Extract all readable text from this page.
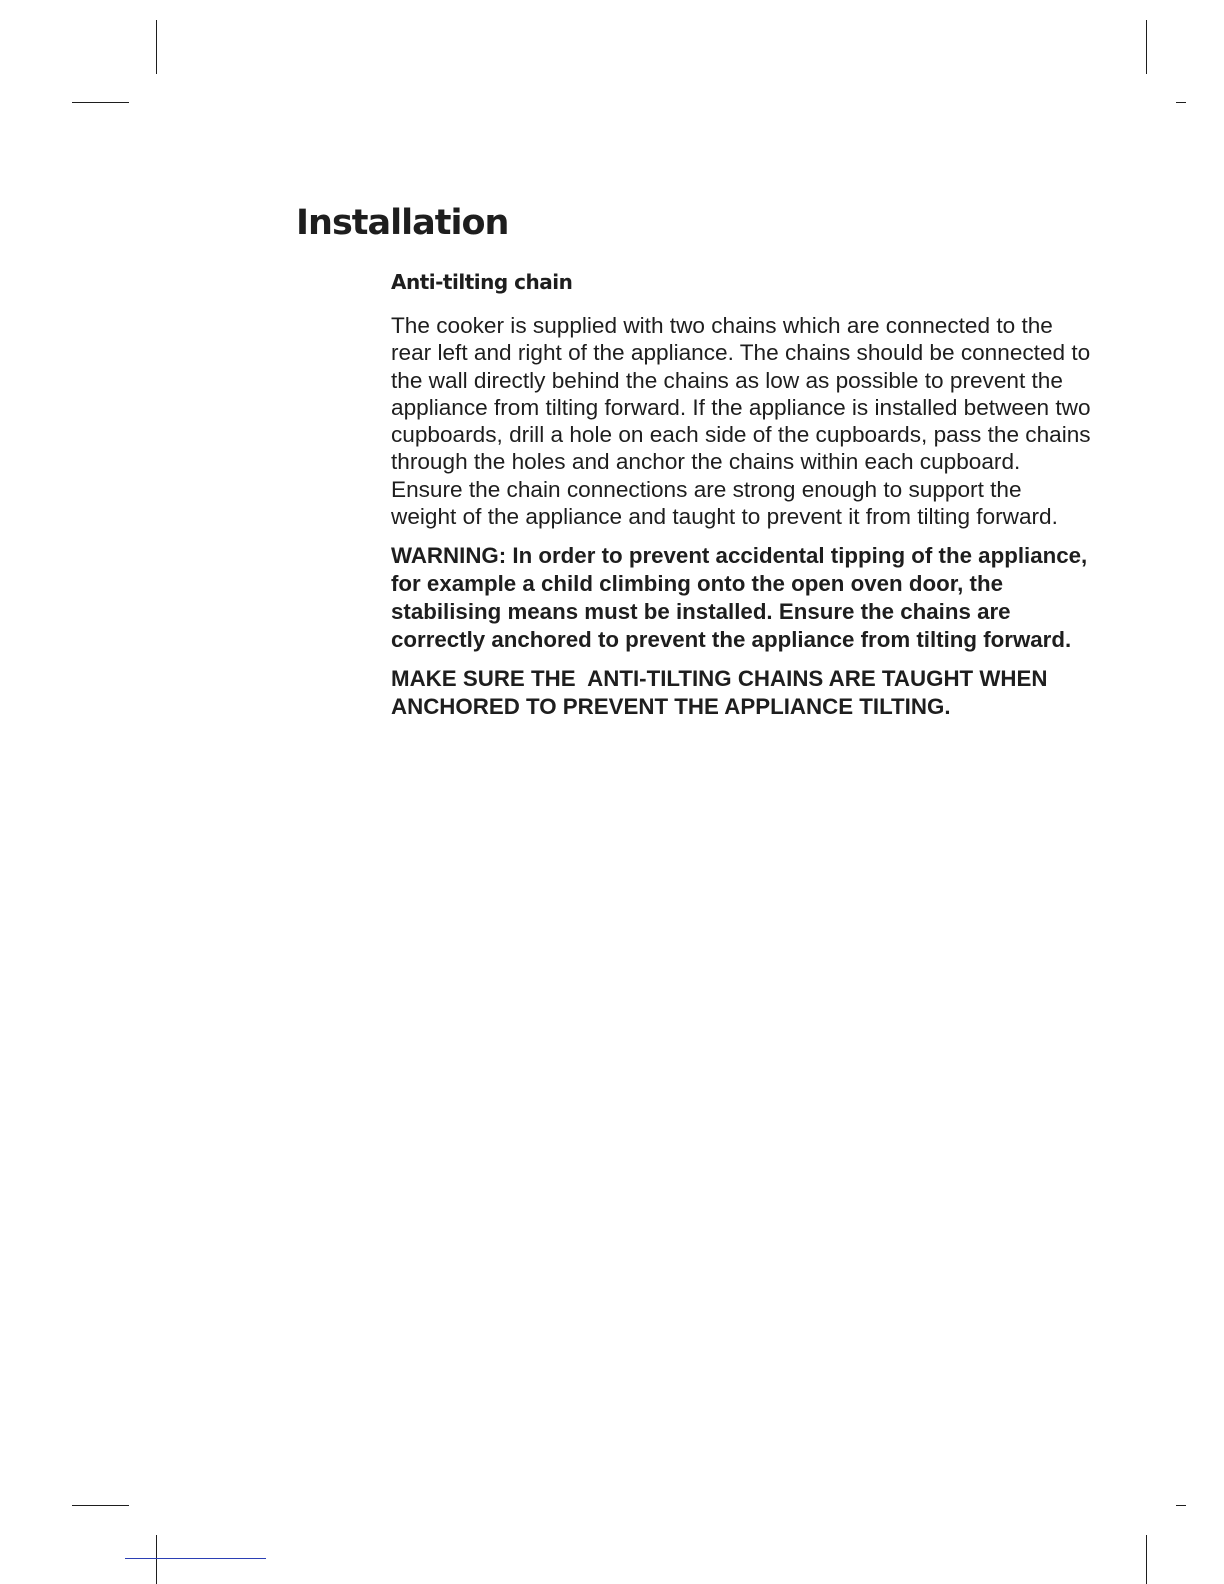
Installation
Anti-tilting chain

The cooker is supplied with two chains which are connected to the rear left and right of the appliance. The chains should be connected to the wall directly behind the chains as low as possible to prevent the appliance from tilting forward. If the appliance is installed between two cupboards, drill a hole on each side of the cupboards, pass the chains through the holes and anchor the chains within each cupboard. Ensure the chain connections are strong enough to support the weight of the appliance and taught to prevent it from tilting forward.

WARNING: In order to prevent accidental tipping of the appliance, for example a child climbing onto the open oven door, the stabilising means must be installed. Ensure the chains are correctly anchored to prevent the appliance from tilting forward.

MAKE SURE THE  ANTI-TILTING CHAINS ARE TAUGHT WHEN ANCHORED TO PREVENT THE APPLIANCE TILTING.
